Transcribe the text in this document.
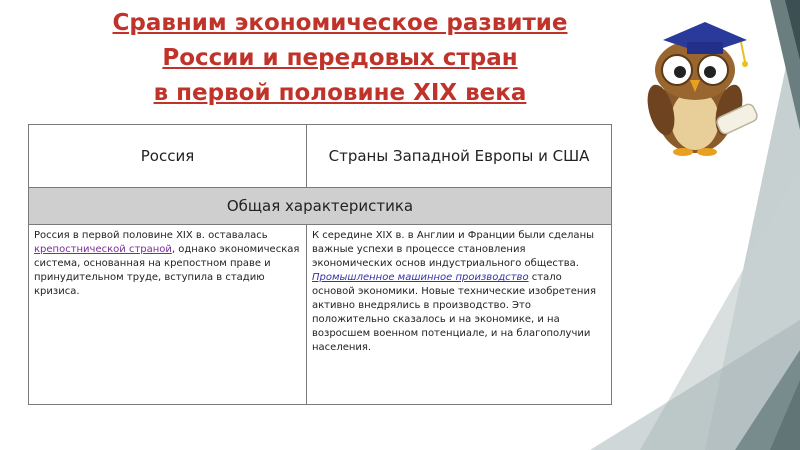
Сравним экономическое развитие
России и передовых стран
в первой половине XIX века
Россия	Страны Западной Европы и США
Общая характеристика	
Россия в первой половине XIX в. оставалась крепостнической страной, однако экономическая система, основанная на крепостном праве и принудительном труде, вступила в стадию кризиса.	К середине XIX в. в Англии и Франции были сделаны важные успехи в процессе становления экономических основ индустриального общества. Промышленное машинное производство стало основой экономики. Новые технические изобретения активно внедрялись в производство. Это положительно сказалось и на экономике, и на возросшем военном потенциале, и на благополучии населения.
